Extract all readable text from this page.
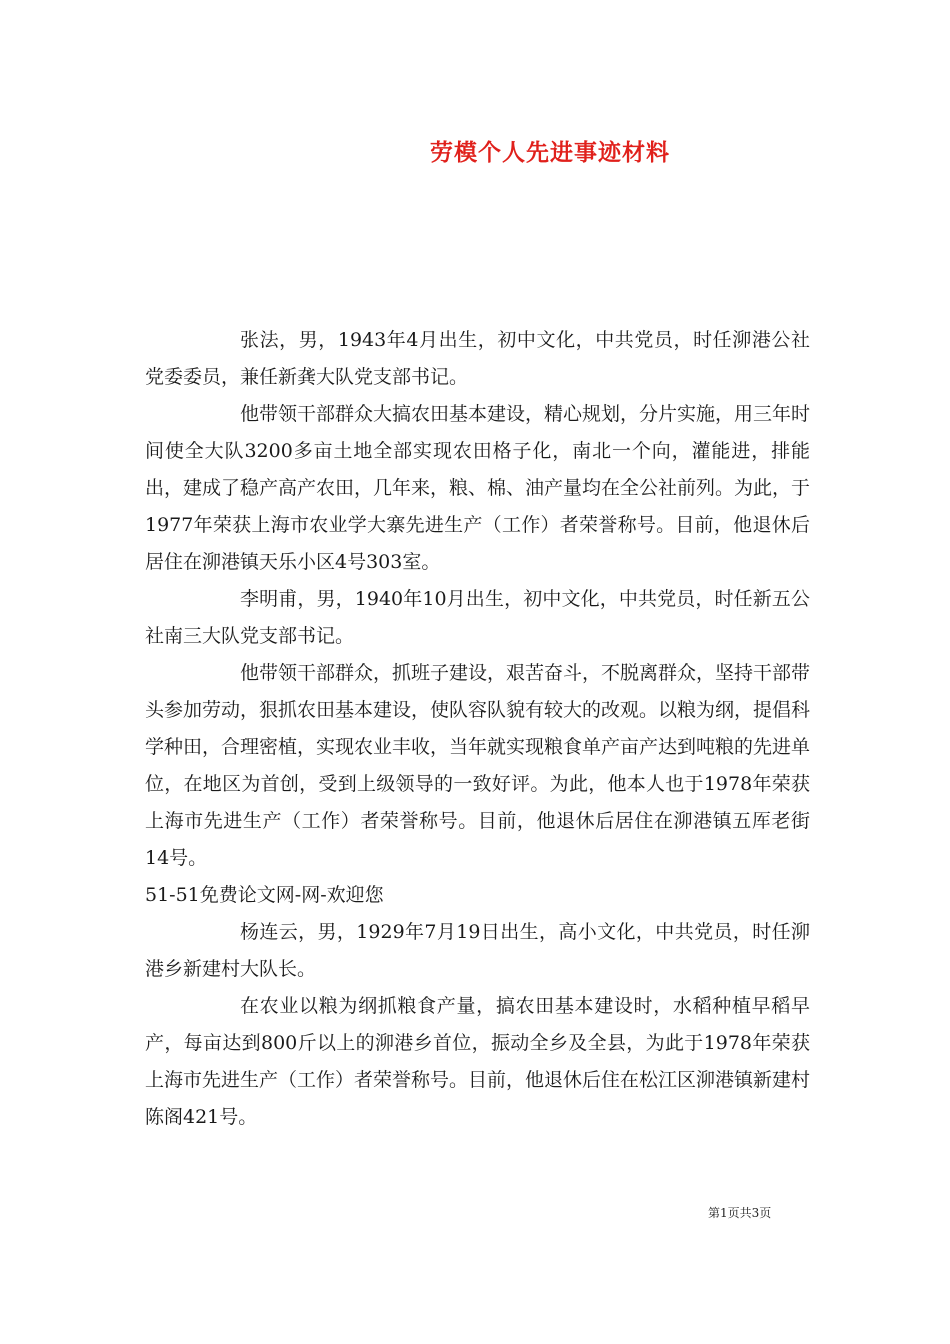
劳模个人先进事迹材料

张法，男，1943年4月出生，初中文化，中共党员，时任泖港公社党委委员，兼任新龚大队党支部书记。

他带领干部群众大搞农田基本建设，精心规划，分片实施，用三年时间使全大队3200多亩土地全部实现农田格子化，南北一个向，灌能进，排能出，建成了稳产高产农田，几年来，粮、棉、油产量均在全公社前列。为此，于1977年荣获上海市农业学大寨先进生产（工作）者荣誉称号。目前，他退休后居住在泖港镇天乐小区4号303室。

李明甫，男，1940年10月出生，初中文化，中共党员，时任新五公社南三大队党支部书记。

他带领干部群众，抓班子建设，艰苦奋斗，不脱离群众，坚持干部带头参加劳动，狠抓农田基本建设，使队容队貌有较大的改观。以粮为纲，提倡科学种田，合理密植，实现农业丰收，当年就实现粮食单产亩产达到吨粮的先进单位，在地区为首创，受到上级领导的一致好评。为此，他本人也于1978年荣获上海市先进生产（工作）者荣誉称号。目前，他退休后居住在泖港镇五厍老街14号。

51-51免费论文网-网-欢迎您

杨连云，男，1929年7月19日出生，高小文化，中共党员，时任泖港乡新建村大队长。

在农业以粮为纲抓粮食产量，搞农田基本建设时，水稻种植早稻早产，每亩达到800斤以上的泖港乡首位，振动全乡及全县，为此于1978年荣获上海市先进生产（工作）者荣誉称号。目前，他退休后住在松江区泖港镇新建村陈阁421号。

第1页共3页
